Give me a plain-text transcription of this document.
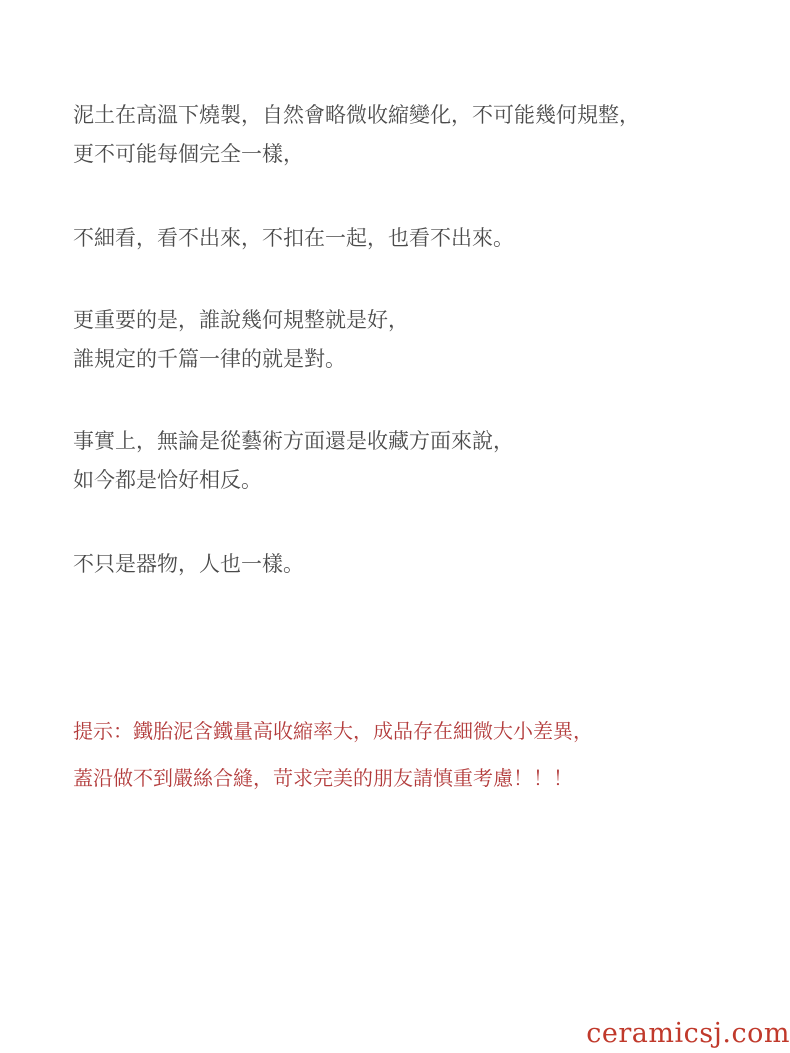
泥土在高溫下燒製，自然會略微收縮變化，不可能幾何規整，
更不可能每個完全一樣，

不細看，看不出來，不扣在一起，也看不出來。

更重要的是，誰說幾何規整就是好，
誰規定的千篇一律的就是對。

事實上，無論是從藝術方面還是收藏方面來說，
如今都是恰好相反。

不只是器物，人也一樣。

提示：鐵胎泥含鐵量高收縮率大，成品存在細微大小差異，
蓋沿做不到嚴絲合縫，苛求完美的朋友請慎重考慮！！！
ceramicsj.com
